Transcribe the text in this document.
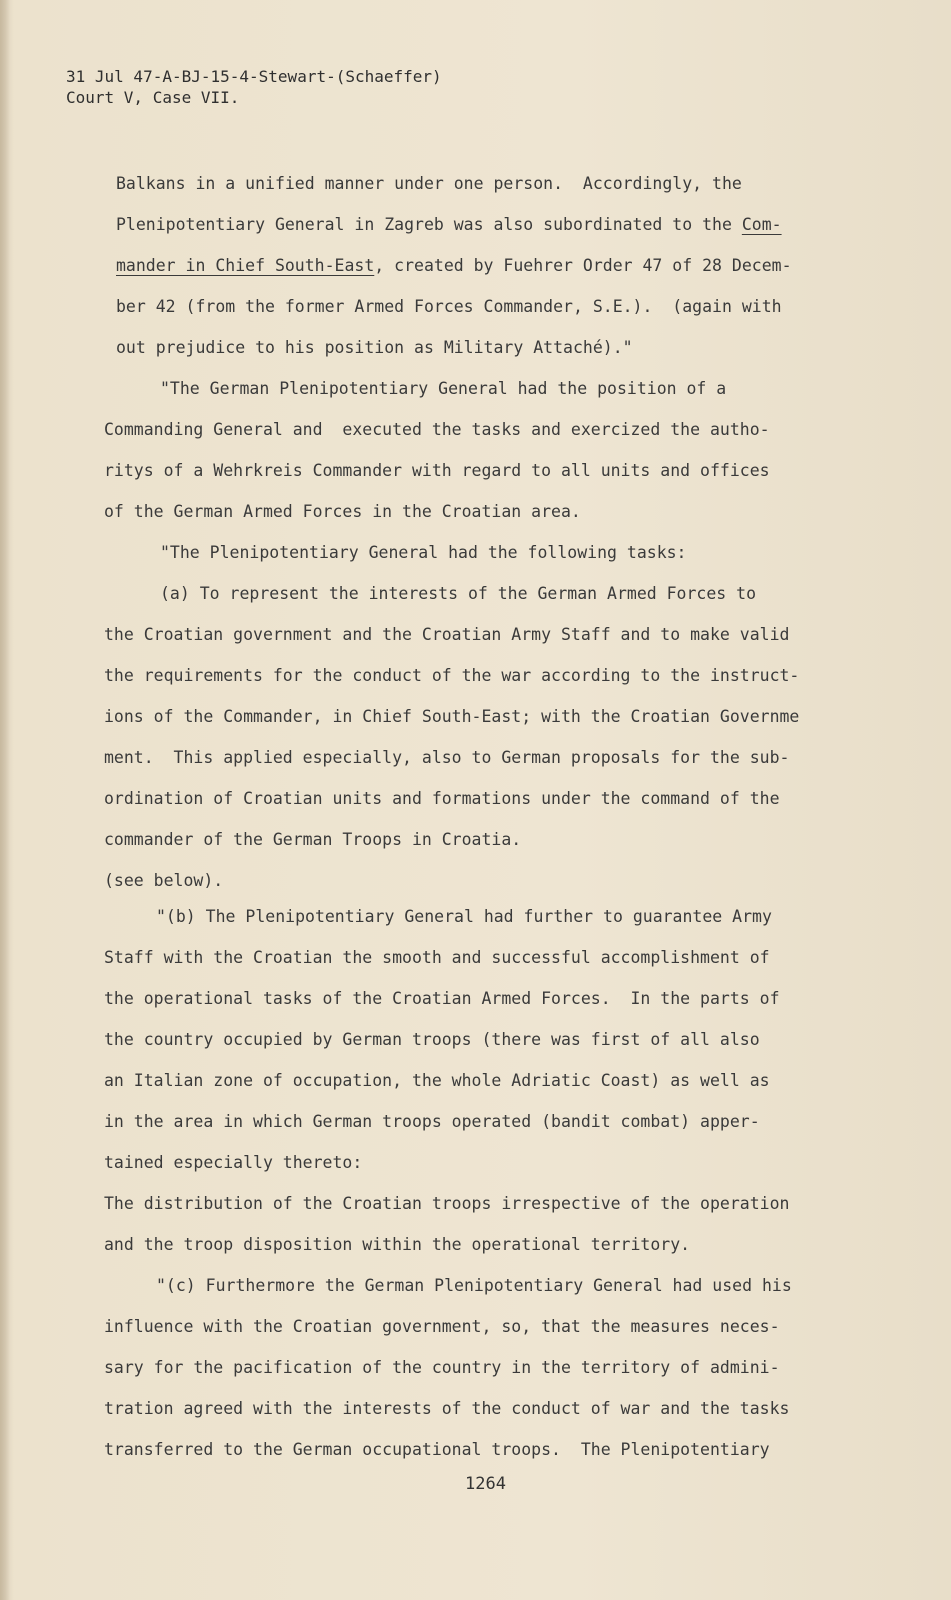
31 Jul 47-A-BJ-15-4-Stewart-(Schaeffer)
Court V, Case VII.
Balkans in a unified manner under one person.  Accordingly, the
Plenipotentiary General in Zagreb was also subordinated to the Com-
mander in Chief South-East, created by Fuehrer Order 47 of 28 Decem-
ber 42 (from the former Armed Forces Commander, S.E.).  (again with
out prejudice to his position as Military Attaché)."
"The German Plenipotentiary General had the position of a
Commanding General and  executed the tasks and exercized the autho-
ritys of a Wehrkreis Commander with regard to all units and offices
of the German Armed Forces in the Croatian area.
"The Plenipotentiary General had the following tasks:
(a) To represent the interests of the German Armed Forces to
the Croatian government and the Croatian Army Staff and to make valid
the requirements for the conduct of the war according to the instruct-
ions of the Commander, in Chief South-East; with the Croatian Governme
ment.  This applied especially, also to German proposals for the sub-
ordination of Croatian units and formations under the command of the
commander of the German Troops in Croatia.
(see below).
"(b) The Plenipotentiary General had further to guarantee Army
Staff with the Croatian the smooth and successful accomplishment of
the operational tasks of the Croatian Armed Forces.  In the parts of
the country occupied by German troops (there was first of all also
an Italian zone of occupation, the whole Adriatic Coast) as well as
in the area in which German troops operated (bandit combat) apper-
tained especially thereto:
The distribution of the Croatian troops irrespective of the operation
and the troop disposition within the operational territory.
"(c) Furthermore the German Plenipotentiary General had used his
influence with the Croatian government, so, that the measures neces-
sary for the pacification of the country in the territory of admini-
tration agreed with the interests of the conduct of war and the tasks
transferred to the German occupational troops.  The Plenipotentiary
1264
